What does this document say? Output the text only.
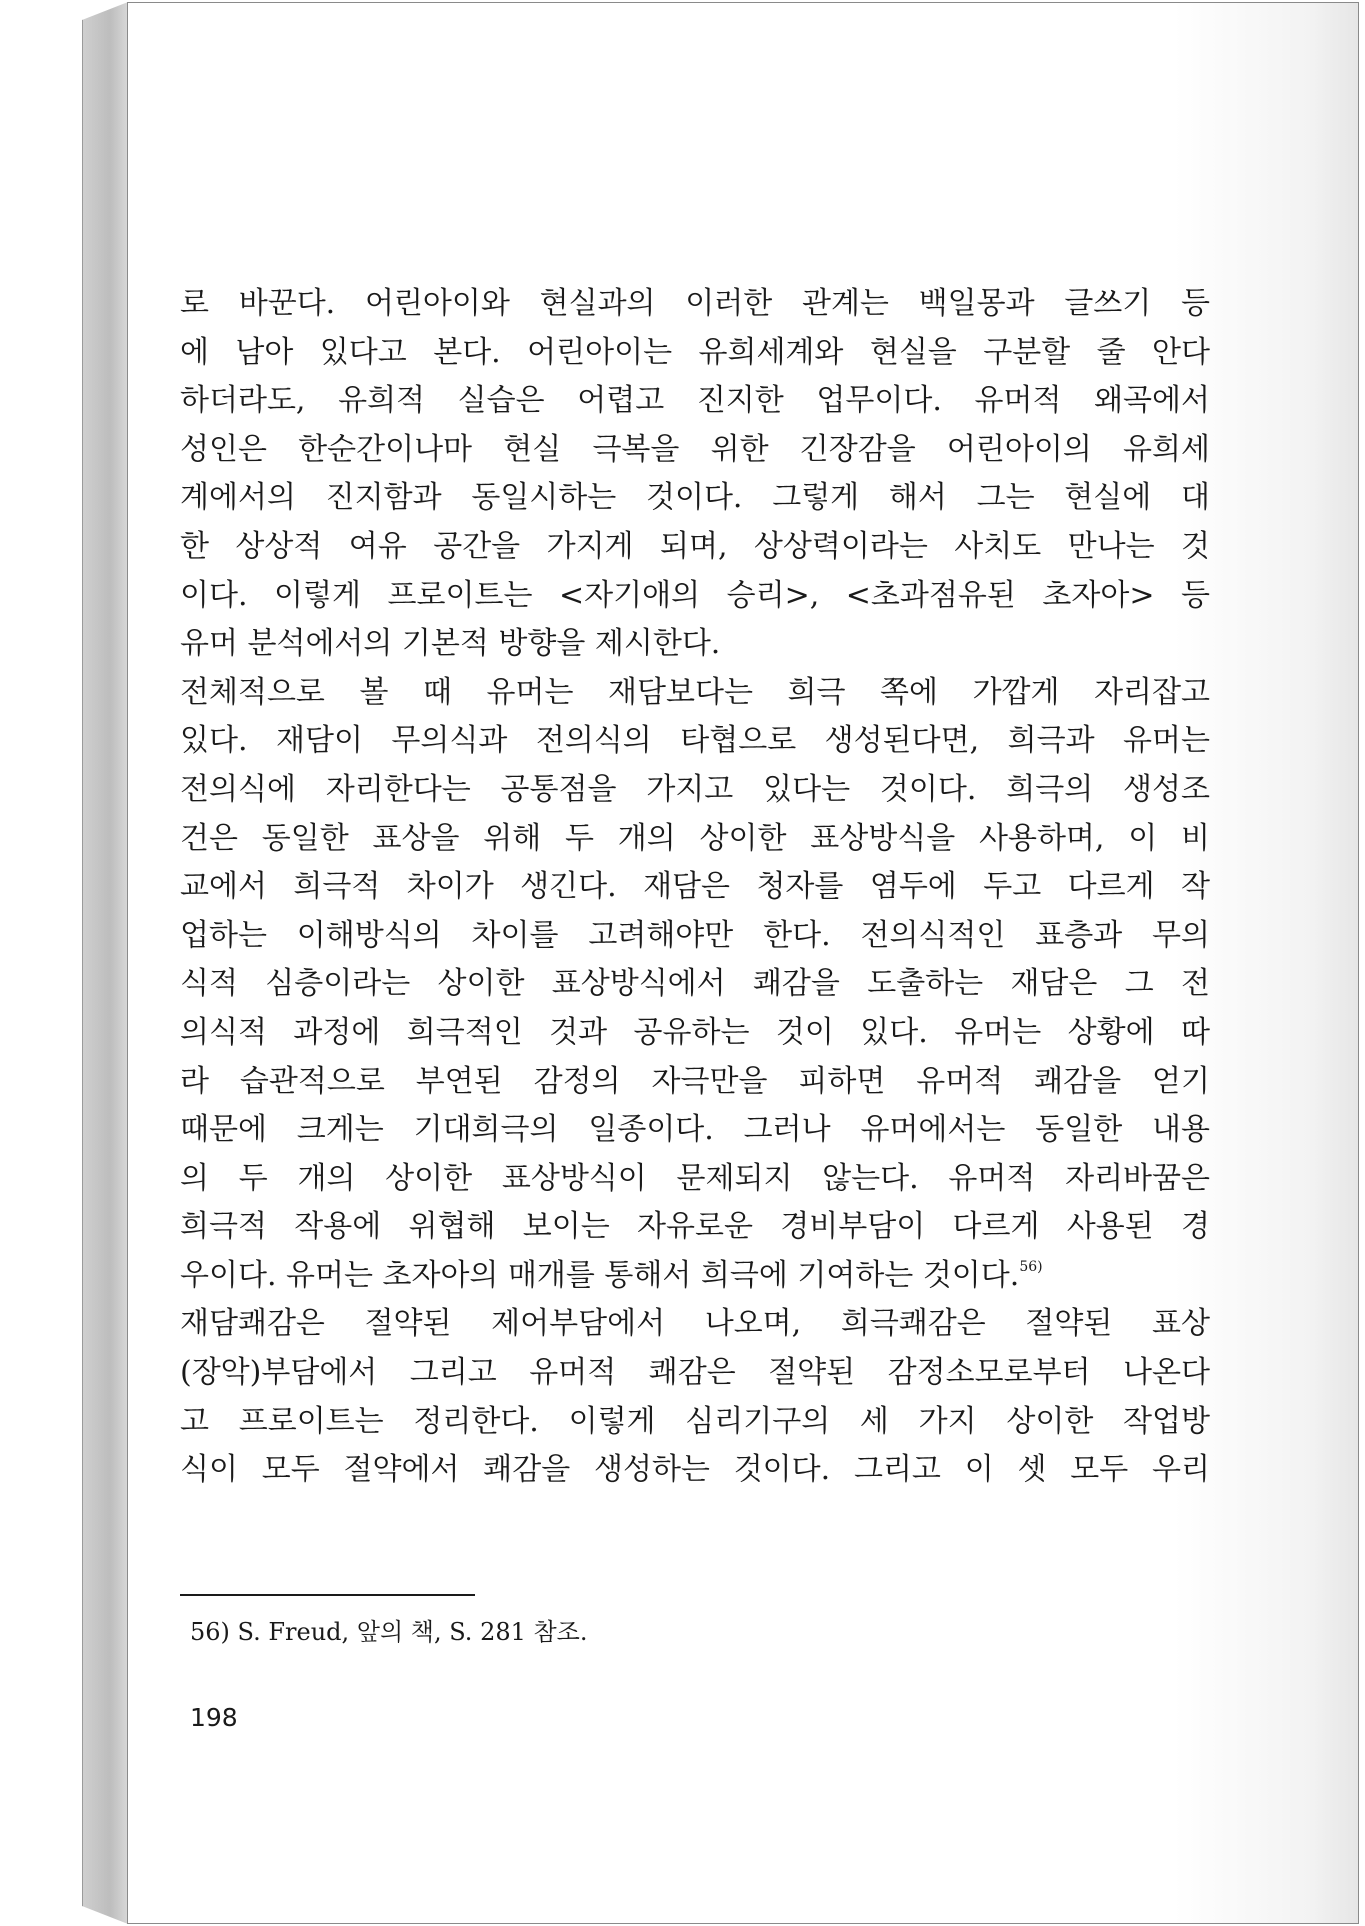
로 바꾼다. 어린아이와 현실과의 이러한 관계는 백일몽과 글쓰기 등
에 남아 있다고 본다. 어린아이는 유희세계와 현실을 구분할 줄 안다
하더라도, 유희적 실습은 어렵고 진지한 업무이다. 유머적 왜곡에서
성인은 한순간이나마 현실 극복을 위한 긴장감을 어린아이의 유희세
계에서의 진지함과 동일시하는 것이다. 그렇게 해서 그는 현실에 대
한 상상적 여유 공간을 가지게 되며, 상상력이라는 사치도 만나는 것
이다. 이렇게 프로이트는 <자기애의 승리>, <초과점유된 초자아> 등
유머 분석에서의 기본적 방향을 제시한다.
전체적으로 볼 때 유머는 재담보다는 희극 쪽에 가깝게 자리잡고
있다. 재담이 무의식과 전의식의 타협으로 생성된다면, 희극과 유머는
전의식에 자리한다는 공통점을 가지고 있다는 것이다. 희극의 생성조
건은 동일한 표상을 위해 두 개의 상이한 표상방식을 사용하며, 이 비
교에서 희극적 차이가 생긴다. 재담은 청자를 염두에 두고 다르게 작
업하는 이해방식의 차이를 고려해야만 한다. 전의식적인 표층과 무의
식적 심층이라는 상이한 표상방식에서 쾌감을 도출하는 재담은 그 전
의식적 과정에 희극적인 것과 공유하는 것이 있다. 유머는 상황에 따
라 습관적으로 부연된 감정의 자극만을 피하면 유머적 쾌감을 얻기
때문에 크게는 기대희극의 일종이다. 그러나 유머에서는 동일한 내용
의 두 개의 상이한 표상방식이 문제되지 않는다. 유머적 자리바꿈은
희극적 작용에 위협해 보이는 자유로운 경비부담이 다르게 사용된 경
우이다. 유머는 초자아의 매개를 통해서 희극에 기여하는 것이다.$^{56)}$
재담쾌감은 절약된 제어부담에서 나오며, 희극쾌감은 절약된 표상
(장악)부담에서 그리고 유머적 쾌감은 절약된 감정소모로부터 나온다
고 프로이트는 정리한다. 이렇게 심리기구의 세 가지 상이한 작업방
식이 모두 절약에서 쾌감을 생성하는 것이다. 그리고 이 셋 모두 우리
56) S. Freud, 앞의 책, S. 281 참조.
198
